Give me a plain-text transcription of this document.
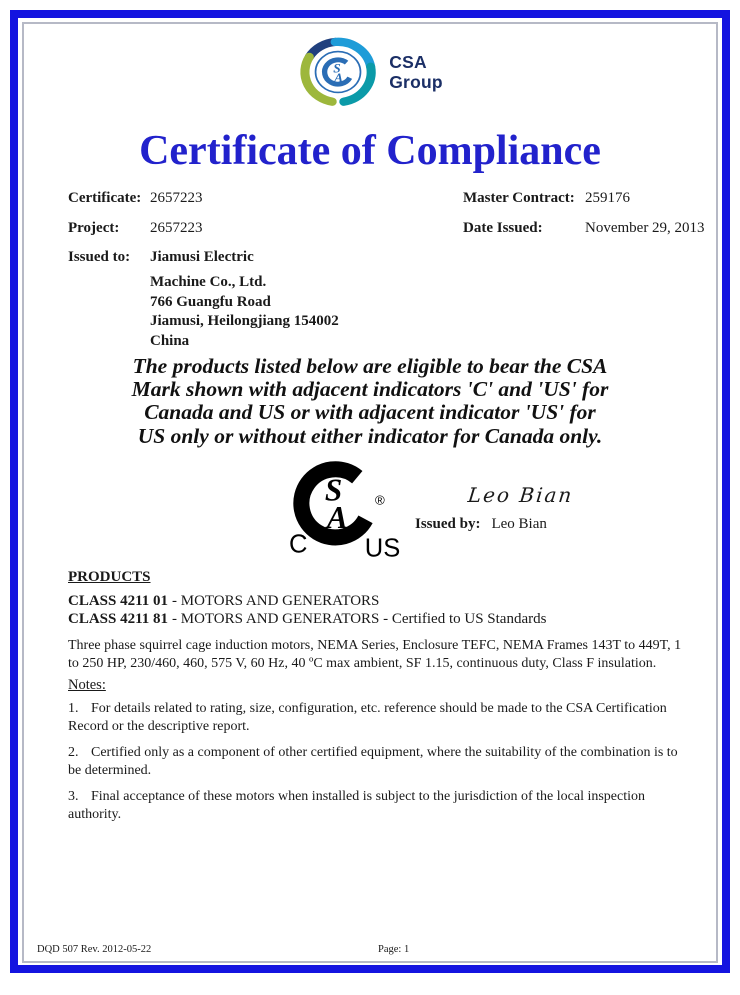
S
A
CSA
Group
Certificate of Compliance
Certificate: 2657223	Master Contract: 259176
Project: 2657223	Date Issued:	November 29, 2013
Issued to: Jiamusi Electric
Machine Co., Ltd.
766 Guangfu Road
Jiamusi, Heilongjiang 154002
China
The products listed below are eligible to bear the CSA
Mark shown with adjacent indicators 'C' and 'US' for
Canada and US or with adjacent indicator 'US' for
US only or without either indicator for Canada only.
S
A
®
C US
Leo Bian
Issued by: Leo Bian
PRODUCTS
CLASS 4211 01 - MOTORS AND GENERATORS
CLASS 4211 81 - MOTORS AND GENERATORS - Certified to US Standards
Three phase squirrel cage induction motors, NEMA Series, Enclosure TEFC, NEMA Frames 143T to 449T, 1 to 250 HP, 230/460, 460, 575 V, 60 Hz, 40 ºC max ambient, SF 1.15, continuous duty, Class F insulation.
Notes:
1. For details related to rating, size, configuration, etc. reference should be made to the CSA Certification Record or the descriptive report.
2. Certified only as a component of other certified equipment, where the suitability of the combination is to be determined.
3. Final acceptance of these motors when installed is subject to the jurisdiction of the local inspection authority.
DQD 507 Rev. 2012-05-22	Page: 1
